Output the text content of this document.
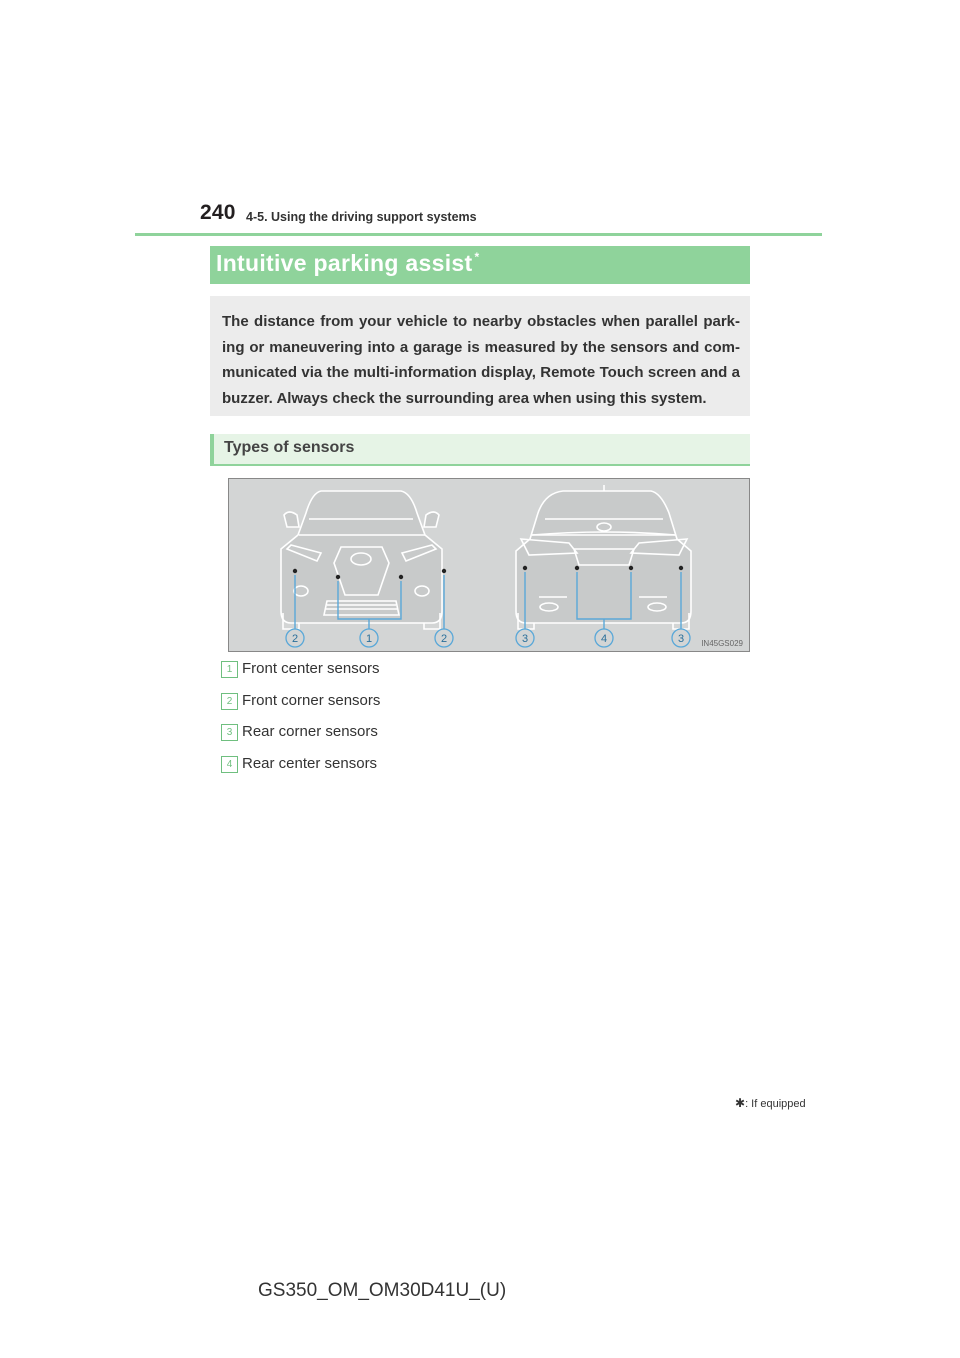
240 4-5. Using the driving support systems
Intuitive parking assist *

The distance from your vehicle to nearby obstacles when parallel park-ing or maneuvering into a garage is measured by the sensors and com-municated via the multi-information display, Remote Touch screen and a buzzer. Always check the surrounding area when using this system.

Types of sensors
2	1	2	3	4	3 IN45GS029
1 Front center sensors
2 Front corner sensors
3 Rear corner sensors
4 Rear center sensors
✱: If equipped
GS350_OM_OM30D41U_(U)
